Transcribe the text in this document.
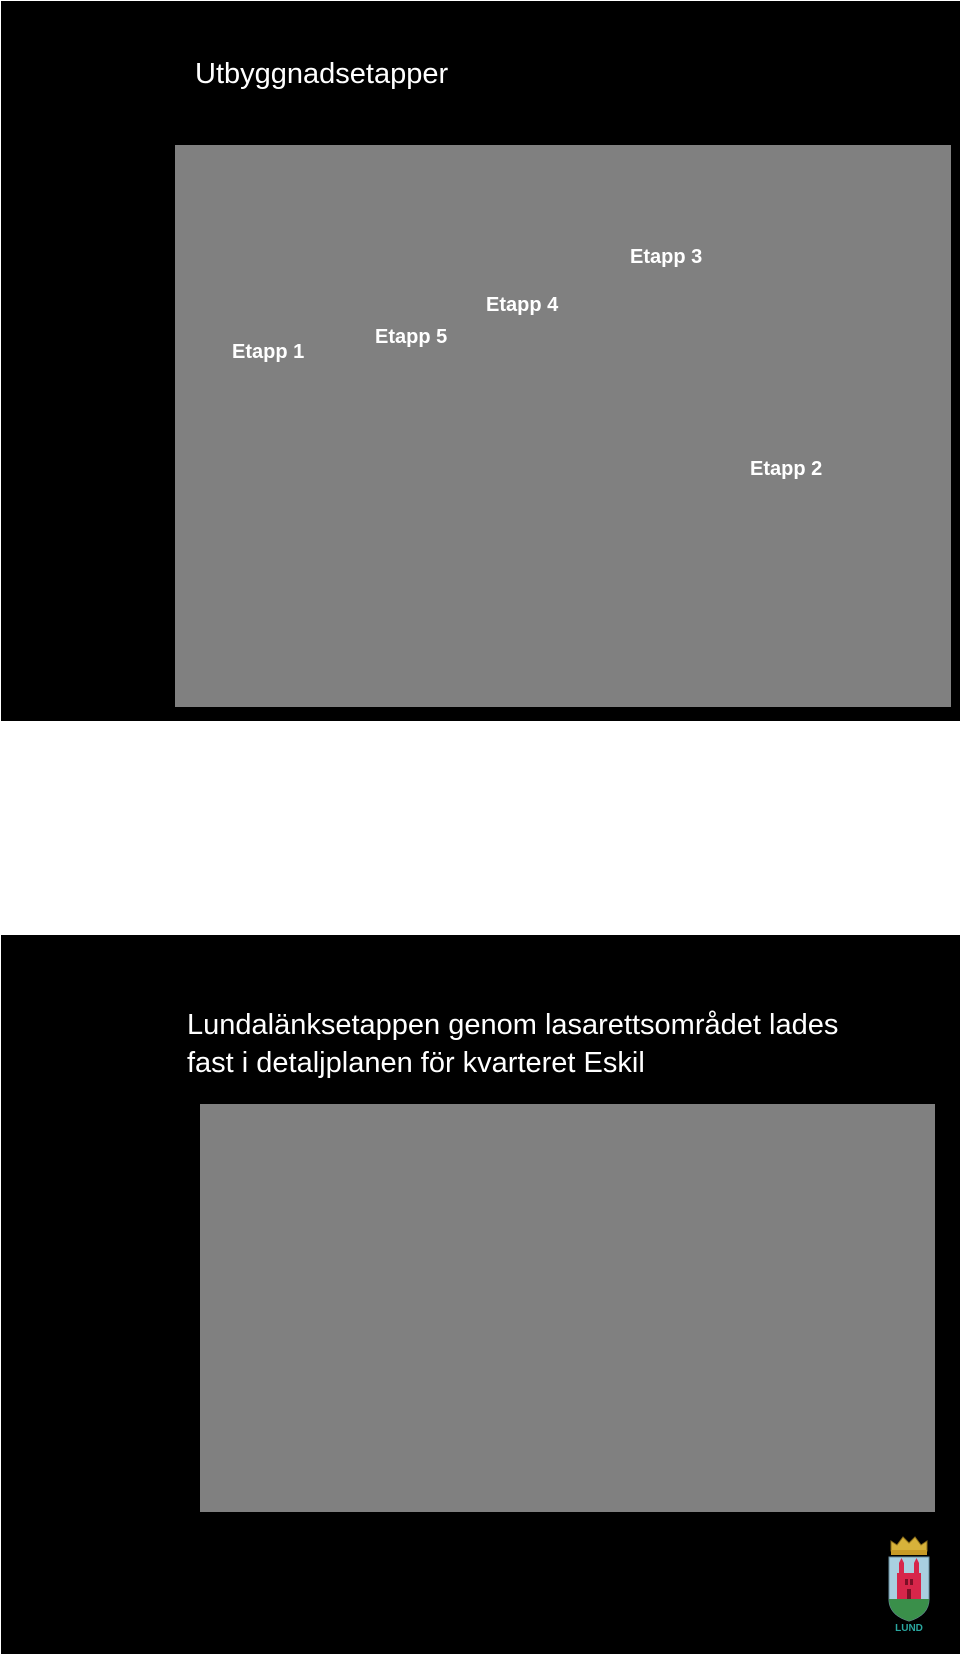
Utbyggnadsetapper
Etapp 1
Etapp 5
Etapp 4
Etapp 3
Etapp 2
Lundalänksetappen genom lasarettsområdet lades
fast i detaljplanen för kvarteret Eskil
LUND
